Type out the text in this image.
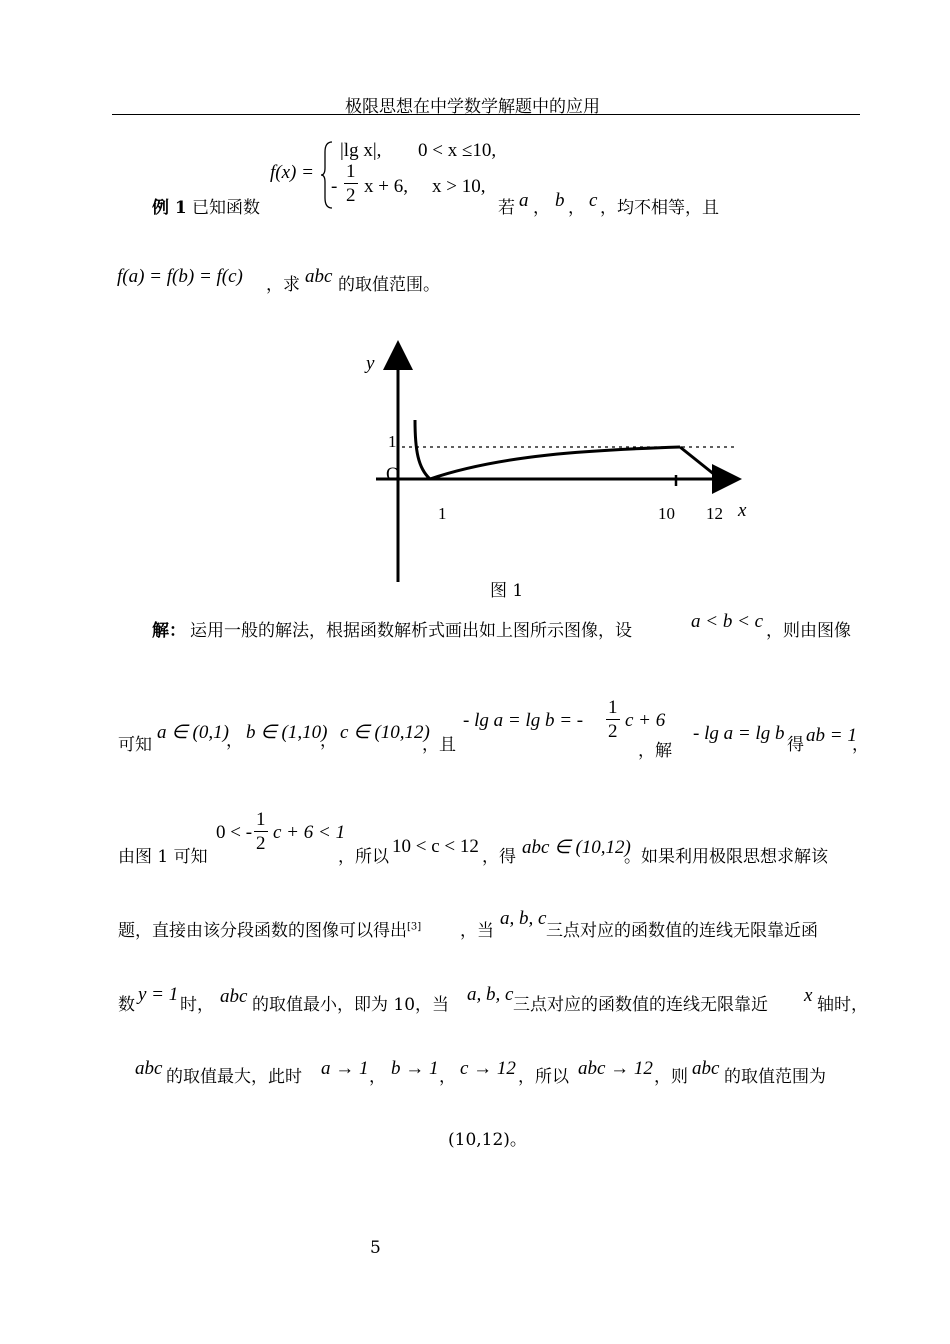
极限思想在中学数学解题中的应用
f(x) =
|lg x|, 0 < x ≤10,
- $\frac{1}{2}$ x + 6, x > 10,
例 1 已知函数	若 a ， b ， c ，均不相等，且
f(a) = f(b) = f(c) ，求 abc 的取值范围。
y
O
1
1	10 12 x
图 1
解： 运用一般的解法，根据函数解析式画出如上图所示图像，设	a < b < c ，则由图像
可知
a ∈ (0,1)
， b ∈ (1,10)
， c ∈ (10,12)
，且
- lg a = lg b = - $\frac{1}{2}$ c + 6
，解
- lg a = lg b
得 ab = 1
，
由图 1 可知
0 < - $\frac{1}{2}$ c + 6 < 1
，所以 10 < c < 12 ，得 abc ∈ (10,12)
。如果利用极限思想求解该
题，直接由该分段函数的图像可以得出[3] ，当
a, b, c
三点对应的函数值的连线无限靠近函
数 y = 1 时， abc 的取值最小，即为 10，当 a, b, c 三点对应的函数值的连线无限靠近 x 轴时，
abc 的取值最大，此时 a → 1 ， b → 1 ， c → 12 ，所以 abc → 12 ，则 abc 的取值范围为
(10,12)。
5
